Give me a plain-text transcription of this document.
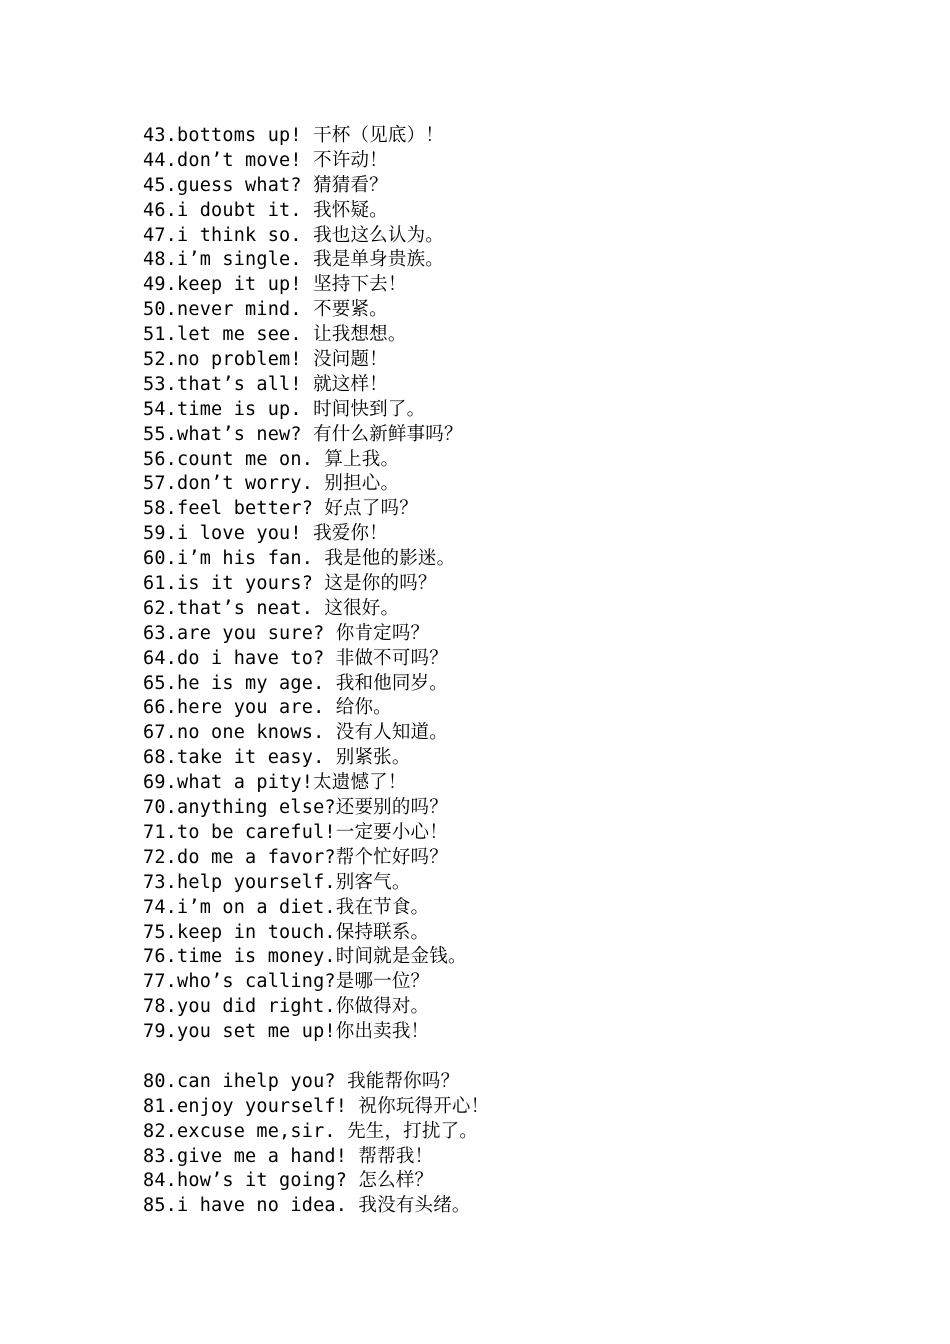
43.bottoms up! 干杯（见底）！
44.don’t move! 不许动！
45.guess what? 猜猜看？
46.i doubt it. 我怀疑。
47.i think so. 我也这么认为。
48.i’m single. 我是单身贵族。
49.keep it up! 坚持下去！
50.never mind. 不要紧。
51.let me see. 让我想想。
52.no problem! 没问题！
53.that’s all! 就这样！
54.time is up. 时间快到了。
55.what’s new? 有什么新鲜事吗？
56.count me on. 算上我。
57.don’t worry. 别担心。
58.feel better? 好点了吗？
59.i love you! 我爱你！
60.i’m his fan. 我是他的影迷。
61.is it yours? 这是你的吗？
62.that’s neat. 这很好。
63.are you sure? 你肯定吗？
64.do i have to? 非做不可吗？
65.he is my age. 我和他同岁。
66.here you are. 给你。
67.no one knows. 没有人知道。
68.take it easy. 别紧张。
69.what a pity!太遗憾了！
70.anything else?还要别的吗？
71.to be careful!一定要小心！
72.do me a favor?帮个忙好吗？
73.help yourself.别客气。
74.i’m on a diet.我在节食。
75.keep in touch.保持联系。
76.time is money.时间就是金钱。
77.who’s calling?是哪一位？
78.you did right.你做得对。
79.you set me up!你出卖我！
80.can ihelp you? 我能帮你吗？
81.enjoy yourself! 祝你玩得开心！
82.excuse me,sir. 先生，打扰了。
83.give me a hand! 帮帮我！
84.how’s it going? 怎么样？
85.i have no idea. 我没有头绪。
